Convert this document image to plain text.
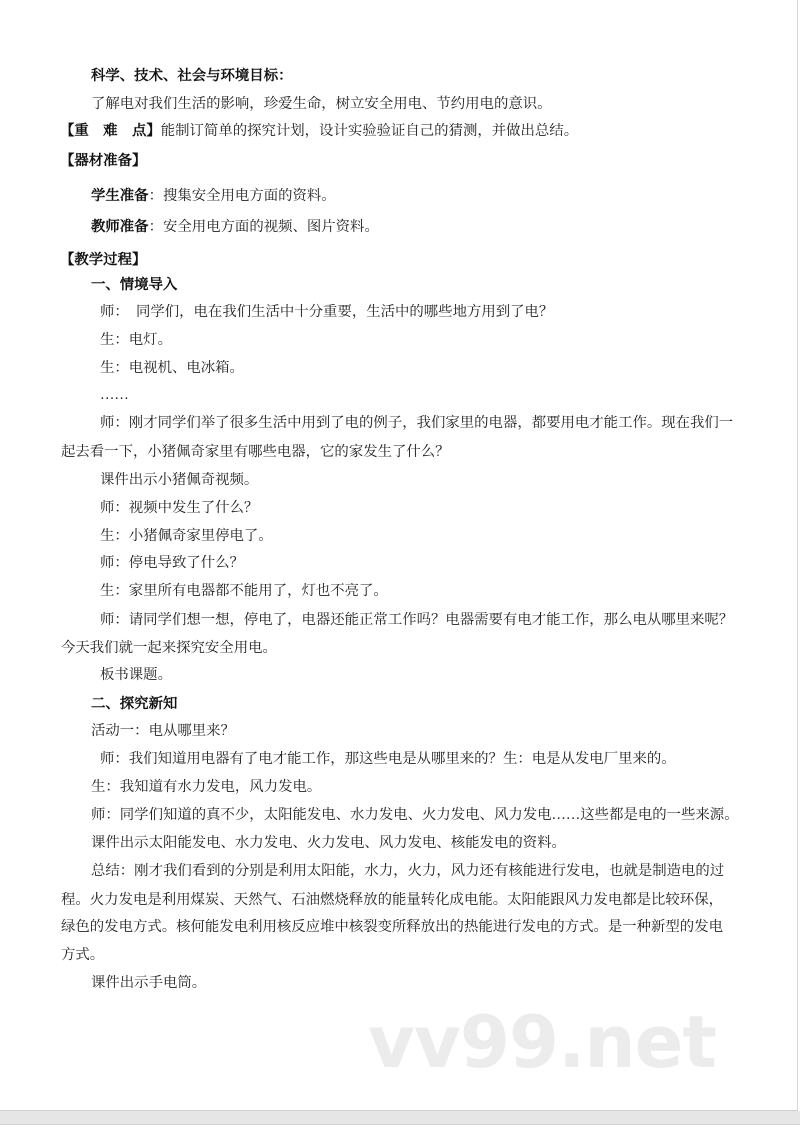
科学、技术、社会与环境目标：
了解电对我们生活的影响，珍爱生命，树立安全用电、节约用电的意识。
【重　难　点】能制订简单的探究计划，设计实验验证自己的猜测，并做出总结。
【器材准备】
学生准备：搜集安全用电方面的资料。
教师准备：安全用电方面的视频、图片资料。
【教学过程】
一、情境导入
师：　同学们，电在我们生活中十分重要，生活中的哪些地方用到了电？
生：电灯。
生：电视机、电冰箱。
……
师：刚才同学们举了很多生活中用到了电的例子，我们家里的电器，都要用电才能工作。现在我们一
起去看一下，小猪佩奇家里有哪些电器，它的家发生了什么？
课件出示小猪佩奇视频。
师：视频中发生了什么？
生：小猪佩奇家里停电了。
师：停电导致了什么？
生：家里所有电器都不能用了，灯也不亮了。
师：请同学们想一想，停电了，电器还能正常工作吗？电器需要有电才能工作，那么电从哪里来呢？
今天我们就一起来探究安全用电。
板书课题。
二、探究新知
活动一：电从哪里来？
师：我们知道用电器有了电才能工作，那这些电是从哪里来的？生：电是从发电厂里来的。
生：我知道有水力发电，风力发电。
师：同学们知道的真不少，太阳能发电、水力发电、火力发电、风力发电……这些都是电的一些来源。
课件出示太阳能发电、水力发电、火力发电、风力发电、核能发电的资料。
总结：刚才我们看到的分别是利用太阳能，水力，火力，风力还有核能进行发电，也就是制造电的过
程。火力发电是利用煤炭、天然气、石油燃烧释放的能量转化成电能。太阳能跟风力发电都是比较环保，
绿色的发电方式。核何能发电利用核反应堆中核裂变所释放出的热能进行发电的方式。是一种新型的发电
方式。
课件出示手电筒。
vv99.net
